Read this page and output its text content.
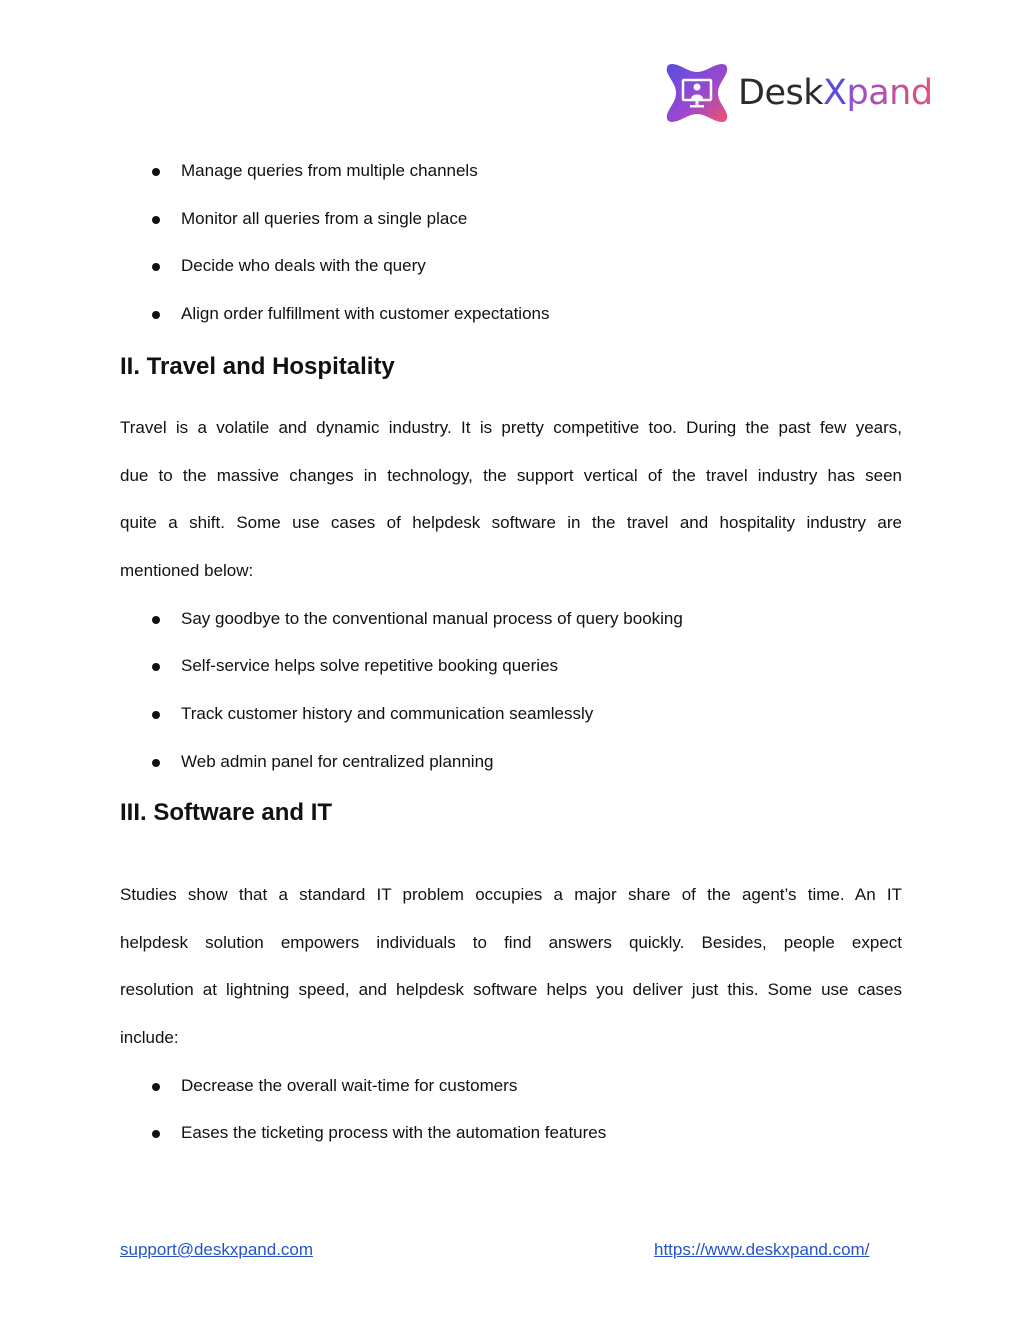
DeskXpand
Manage queries from multiple channels
Monitor all queries from a single place
Decide who deals with the query
Align order fulfillment with customer expectations
II. Travel and Hospitality
Travel is a volatile and dynamic industry. It is pretty competitive too. During the past few years,
due to the massive changes in technology, the support vertical of the travel industry has seen
quite a shift. Some use cases of helpdesk software in the travel and hospitality industry are
mentioned below:
Say goodbye to the conventional manual process of query booking
Self-service helps solve repetitive booking queries
Track customer history and communication seamlessly
Web admin panel for centralized planning
III. Software and IT
Studies show that a standard IT problem occupies a major share of the agent’s time. An IT
helpdesk solution empowers individuals to find answers quickly. Besides, people expect
resolution at lightning speed, and helpdesk software helps you deliver just this. Some use cases
include:
Decrease the overall wait-time for customers
Eases the ticketing process with the automation features
support@deskxpand.com	https://www.deskxpand.com/
